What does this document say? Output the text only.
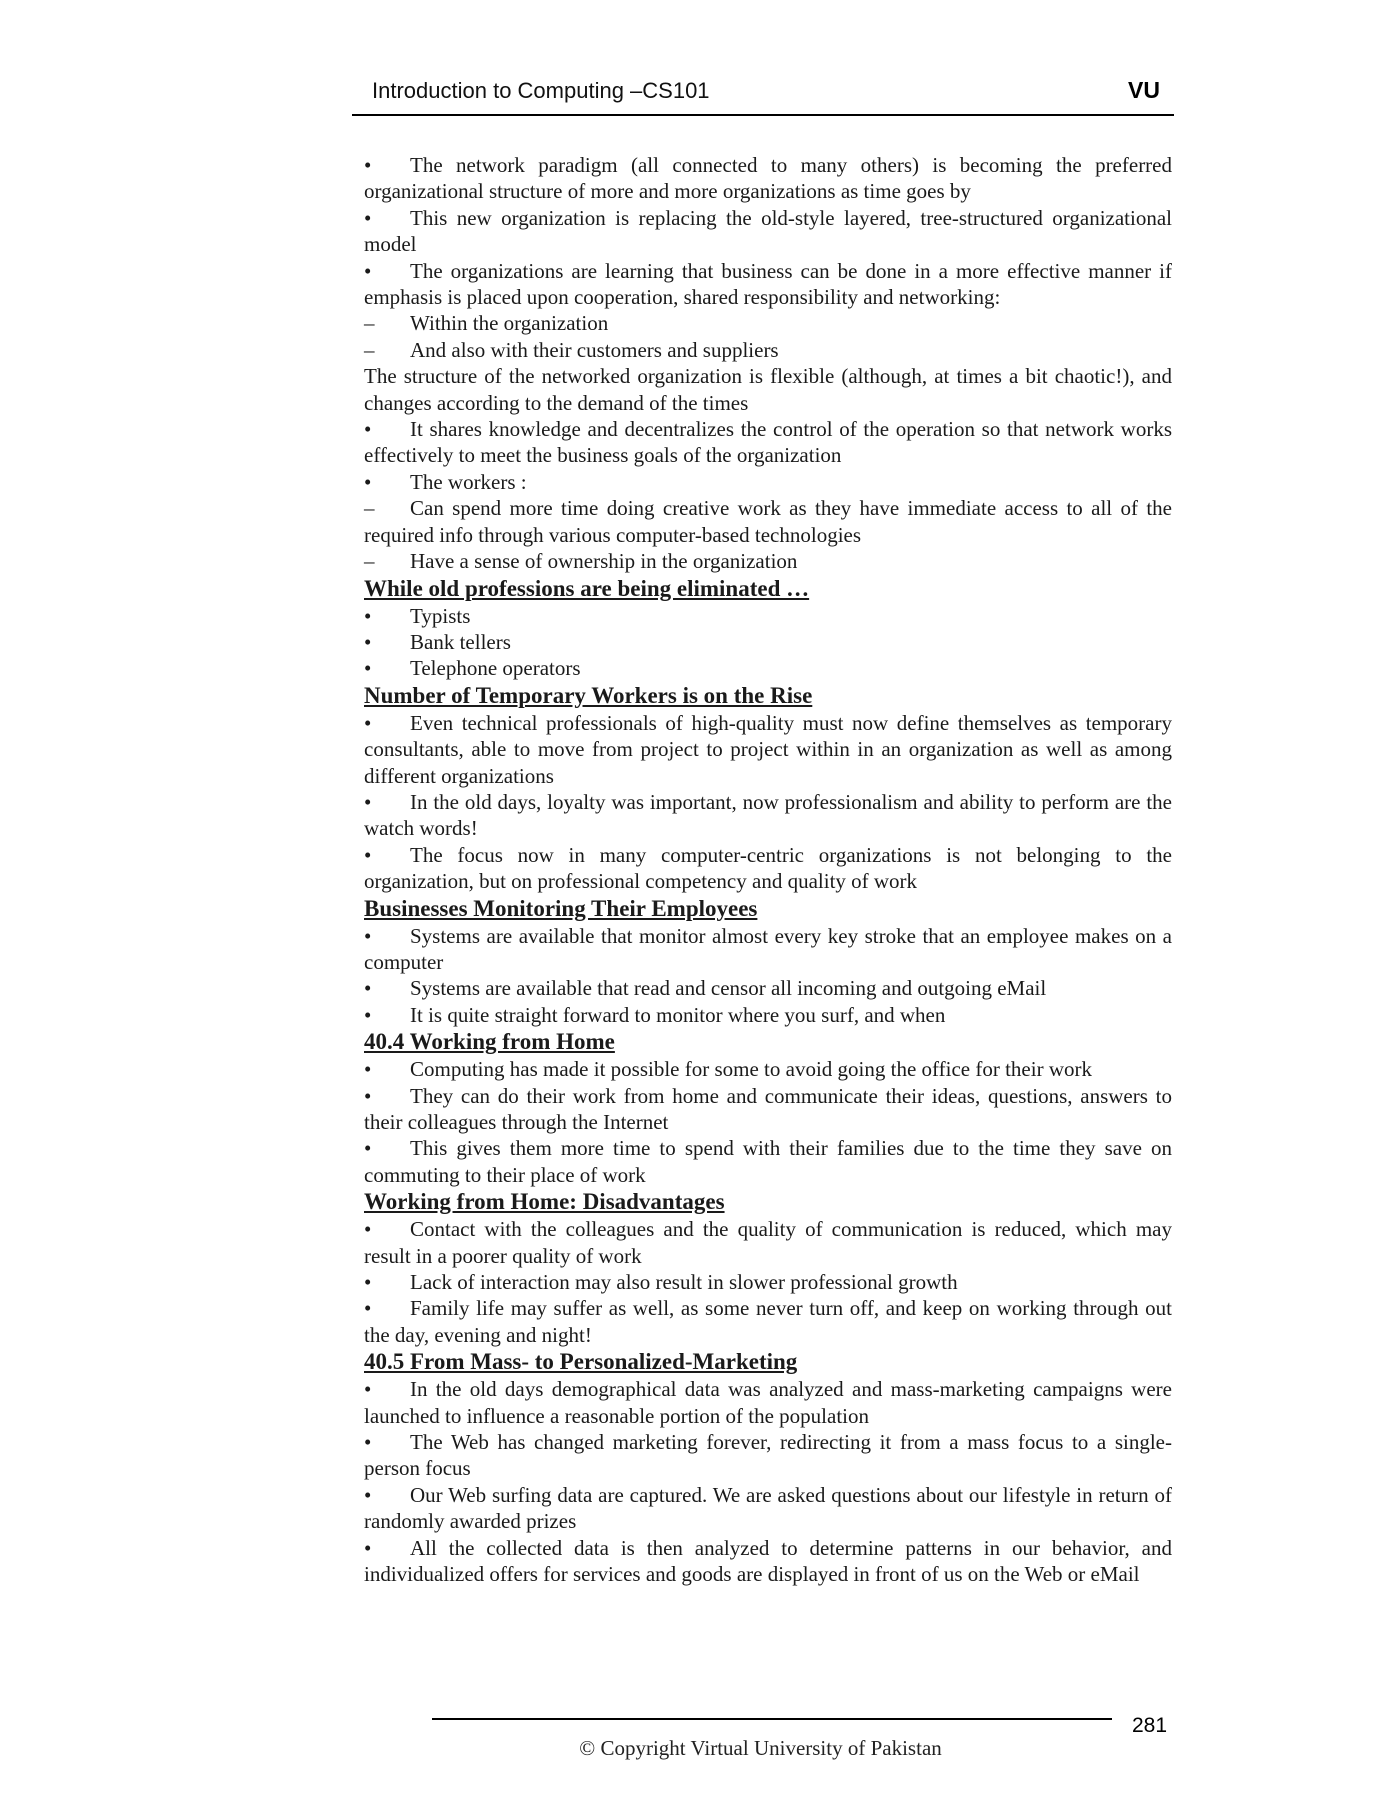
Introduction to Computing –CS101	VU
• The network paradigm (all connected to many others) is becoming the preferred organizational structure of more and more organizations as time goes by
• This new organization is replacing the old-style layered, tree-structured organizational model
• The organizations are learning that business can be done in a more effective manner if emphasis is placed upon cooperation, shared responsibility and networking:
– Within the organization
– And also with their customers and suppliers
The structure of the networked organization is flexible (although, at times a bit chaotic!), and changes according to the demand of the times
• It shares knowledge and decentralizes the control of the operation so that network works effectively to meet the business goals of the organization
• The workers :
– Can spend more time doing creative work as they have immediate access to all of the required info through various computer-based technologies
– Have a sense of ownership in the organization
While old professions are being eliminated …
• Typists
• Bank tellers
• Telephone operators
Number of Temporary Workers is on the Rise
• Even technical professionals of high-quality must now define themselves as temporary consultants, able to move from project to project within in an organization as well as among different organizations
• In the old days, loyalty was important, now professionalism and ability to perform are the watch words!
• The focus now in many computer-centric organizations is not belonging to the organization, but on professional competency and quality of work
Businesses Monitoring Their Employees
• Systems are available that monitor almost every key stroke that an employee makes on a computer
• Systems are available that read and censor all incoming and outgoing eMail
• It is quite straight forward to monitor where you surf, and when
40.4 Working from Home
• Computing has made it possible for some to avoid going the office for their work
• They can do their work from home and communicate their ideas, questions, answers to their colleagues through the Internet
• This gives them more time to spend with their families due to the time they save on commuting to their place of work
Working from Home: Disadvantages
• Contact with the colleagues and the quality of communication is reduced, which may result in a poorer quality of work
• Lack of interaction may also result in slower professional growth
• Family life may suffer as well, as some never turn off, and keep on working through out the day, evening and night!
40.5 From Mass- to Personalized-Marketing
• In the old days demographical data was analyzed and mass-marketing campaigns were launched to influence a reasonable portion of the population
• The Web has changed marketing forever, redirecting it from a mass focus to a single-person focus
• Our Web surfing data are captured. We are asked questions about our lifestyle in return of randomly awarded prizes
• All the collected data is then analyzed to determine patterns in our behavior, and individualized offers for services and goods are displayed in front of us on the Web or eMail
281
© Copyright Virtual University of Pakistan
